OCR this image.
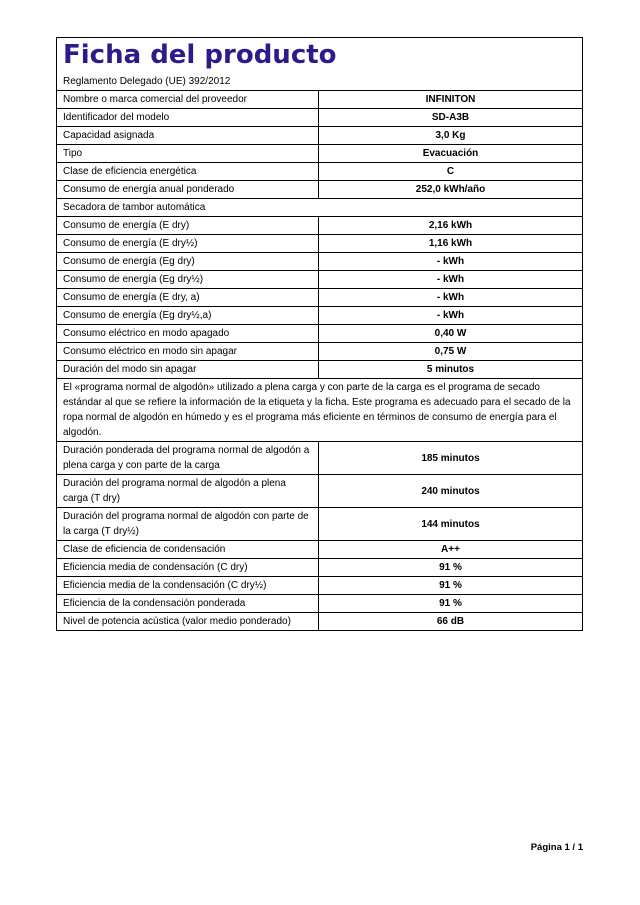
Ficha del producto
Reglamento Delegado (UE) 392/2012	

Nombre o marca comercial del proveedor	INFINITON
Identificador del modelo	SD-A3B
Capacidad asignada	3,0 Kg
Tipo	Evacuación
Clase de eficiencia energética	C
Consumo de energía anual ponderado	252,0 kWh/año
Secadora de tambor automática	
Consumo de energía (E dry)	2,16 kWh
Consumo de energía (E dry½)	1,16 kWh
Consumo de energía (Eg dry)	- kWh
Consumo de energía (Eg dry½)	- kWh
Consumo de energía (E dry, a)	- kWh
Consumo de energía (Eg dry½,a)	- kWh
Consumo eléctrico en modo apagado	0,40 W
Consumo eléctrico en modo sin apagar	0,75 W
Duración del modo sin apagar	5 minutos
El «programa normal de algodón» utilizado a plena carga y con parte de la carga es el programa de secado estándar al que se refiere la información de la etiqueta y la ficha. Este programa es adecuado para el secado de la ropa normal de algodón en húmedo y es el programa más eficiente en términos de consumo de energía para el algodón.	
Duración ponderada del programa normal de algodón a plena carga y con parte de la carga	185 minutos
Duración del programa normal de algodón a plena carga (T dry)	240 minutos
Duración del programa normal de algodón con parte de la carga (T dry½)	144 minutos
Clase de eficiencia de condensación	A++
Eficiencia media de condensación (C dry)	91 %
Eficiencia media de la condensación (C dry½)	91 %
Eficiencia de la condensación ponderada	91 %
Nivel de potencia acústica (valor medio ponderado)	66 dB
Página 1 / 1
